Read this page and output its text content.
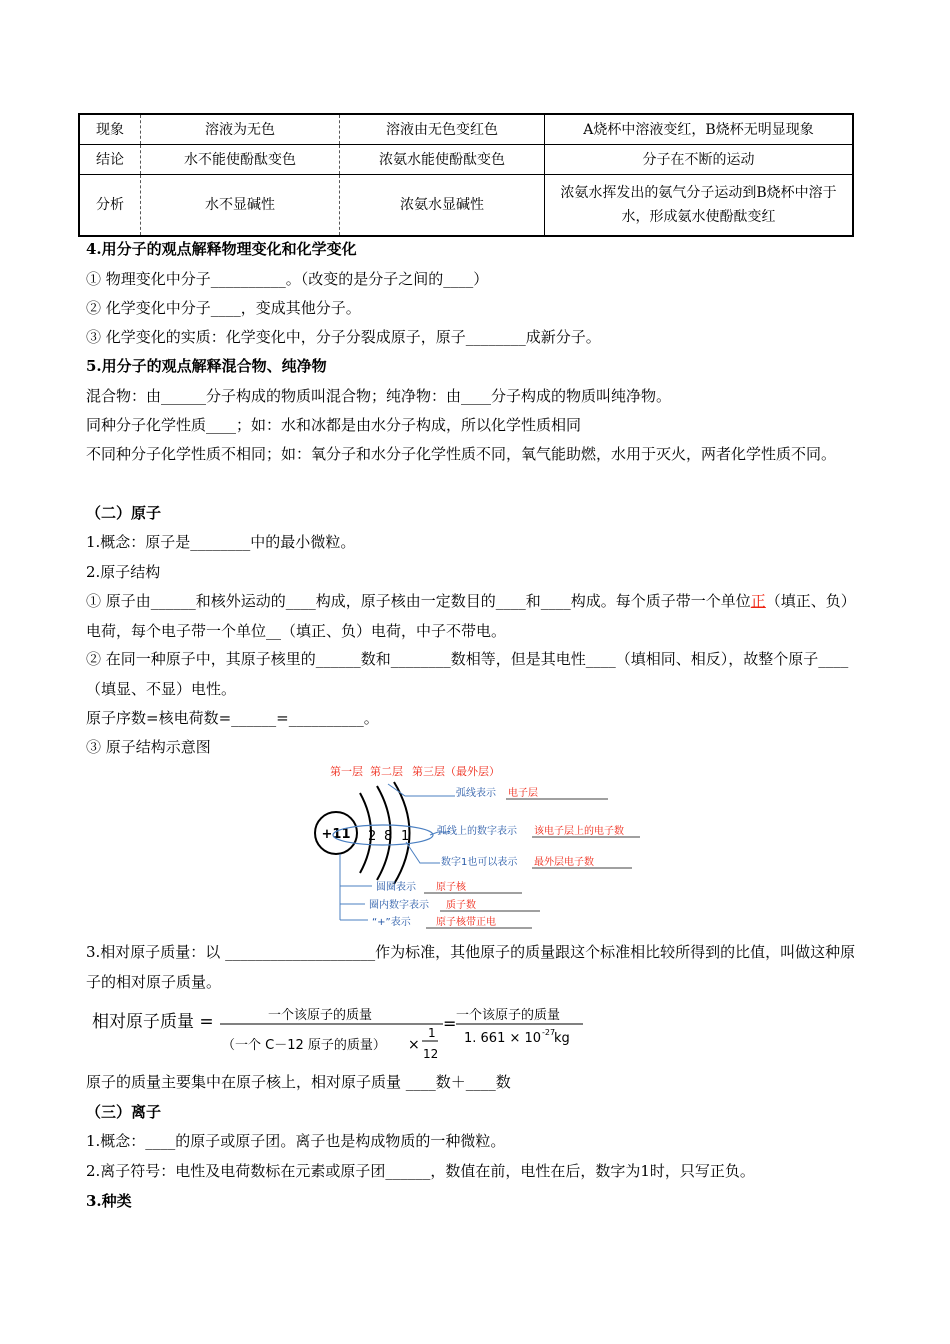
现象	溶液为无色	溶液由无色变红色	A烧杯中溶液变红，B烧杯无明显现象
结论	水不能使酚酞变色	浓氨水能使酚酞变色	分子在不断的运动
分析	水不显碱性	浓氨水显碱性	浓氨水挥发出的氨气分子运动到B烧杯中溶于水，形成氨水使酚酞变红
4.用分子的观点解释物理变化和化学变化
① 物理变化中分子__________。（改变的是分子之间的____）
② 化学变化中分子____，变成其他分子。
③ 化学变化的实质：化学变化中，分子分裂成原子，原子________成新分子。
5.用分子的观点解释混合物、纯净物
混合物：由______分子构成的物质叫混合物；纯净物：由____分子构成的物质叫纯净物。
同种分子化学性质____；如：水和冰都是由水分子构成，所以化学性质相同
不同种分子化学性质不相同；如：氧分子和水分子化学性质不同，氧气能助燃，水用于灭火，两者化学性质不同。
（二）原子
1.概念：原子是________中的最小微粒。
2.原子结构
① 原子由______和核外运动的____构成，原子核由一定数目的____和____构成。每个质子带一个单位正（填正、负）电荷，每个电子带一个单位__（填正、负）电荷，中子不带电。
② 在同一种原子中，其原子核里的______数和________数相等，但是其电性____（填相同、相反），故整个原子____（填显、不显）电性。
原子序数=核电荷数=______=__________。
③ 原子结构示意图
第一层 第二层 第三层（最外层）
+11 2 8 1
弧线表示 电子层
弧线上的数字表示 该电子层上的电子数
数字1也可以表示 最外层电子数
圆圈表示 原子核
圈内数字表示 质子数
“+”表示	原子核带正电
3.相对原子质量：以 ____________________作为标准，其他原子的质量跟这个标准相比较所得到的比值，叫做这种原子的相对原子质量。
相对原子质量 =	一个该原子的质量
（一个 C－12 原子的质量） ×
1
12
= 一个该原子的质量
1. 661 × 10 -27
kg
原子的质量主要集中在原子核上，相对原子质量 ____数＋____数
（三）离子
1.概念：____的原子或原子团。离子也是构成物质的一种微粒。
2.离子符号：电性及电荷数标在元素或原子团______，数值在前，电性在后，数字为1时，只写正负。
3.种类
